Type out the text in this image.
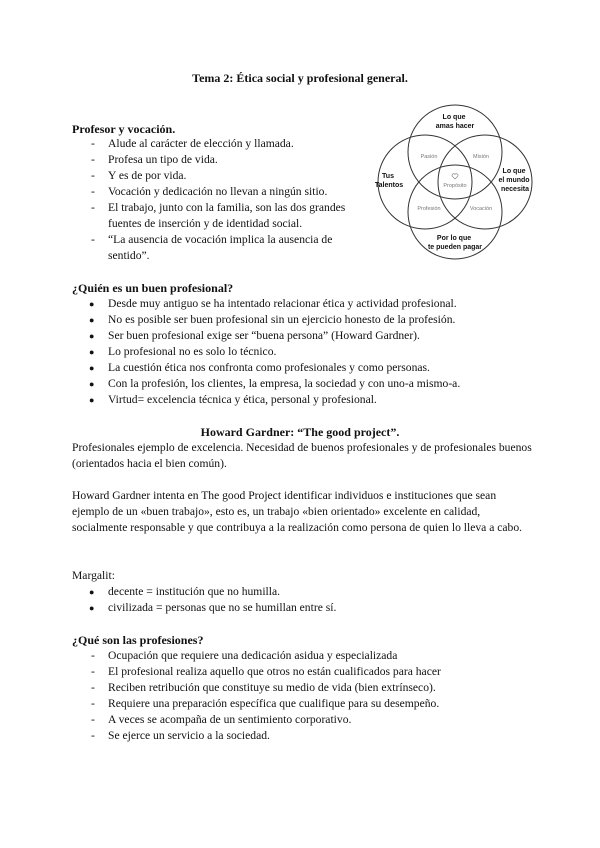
Tema 2: Ética social y profesional general.
Lo que amas hacer
Tus Talentos
Lo que el mundo necesita
Por lo que te pueden pagar
Pasión	Misión
Profesión	Vocación
Propósito
Profesor y vocación.
- Alude al carácter de elección y llamada.
- Profesa un tipo de vida.
- Y es de por vida.
- Vocación y dedicación no llevan a ningún sitio.
- El trabajo, junto con la familia, son las dos grandes
fuentes de inserción y de identidad social.
- “La ausencia de vocación implica la ausencia de
sentido”.
¿Quién es un buen profesional?
● Desde muy antiguo se ha intentado relacionar ética y actividad profesional.
● No es posible ser buen profesional sin un ejercicio honesto de la profesión.
● Ser buen profesional exige ser “buena persona” (Howard Gardner).
● Lo profesional no es solo lo técnico.
● La cuestión ética nos confronta como profesionales y como personas.
● Con la profesión, los clientes, la empresa, la sociedad y con uno-a mismo-a.
● Virtud= excelencia técnica y ética, personal y profesional.
Howard Gardner: “The good project”.
Profesionales ejemplo de excelencia. Necesidad de buenos profesionales y de profesionales buenos (orientados hacia el bien común).
Howard Gardner intenta en The good Project identificar individuos e instituciones que sean ejemplo de un «buen trabajo», esto es, un trabajo «bien orientado» excelente en calidad, socialmente responsable y que contribuya a la realización como persona de quien lo lleva a cabo.
Margalit:
● decente = institución que no humilla.
● civilizada = personas que no se humillan entre sí.
¿Qué son las profesiones?
- Ocupación que requiere una dedicación asidua y especializada
- El profesional realiza aquello que otros no están cualificados para hacer
- Reciben retribución que constituye su medio de vida (bien extrínseco).
- Requiere una preparación específica que cualifique para su desempeño.
- A veces se acompaña de un sentimiento corporativo.
- Se ejerce un servicio a la sociedad.
